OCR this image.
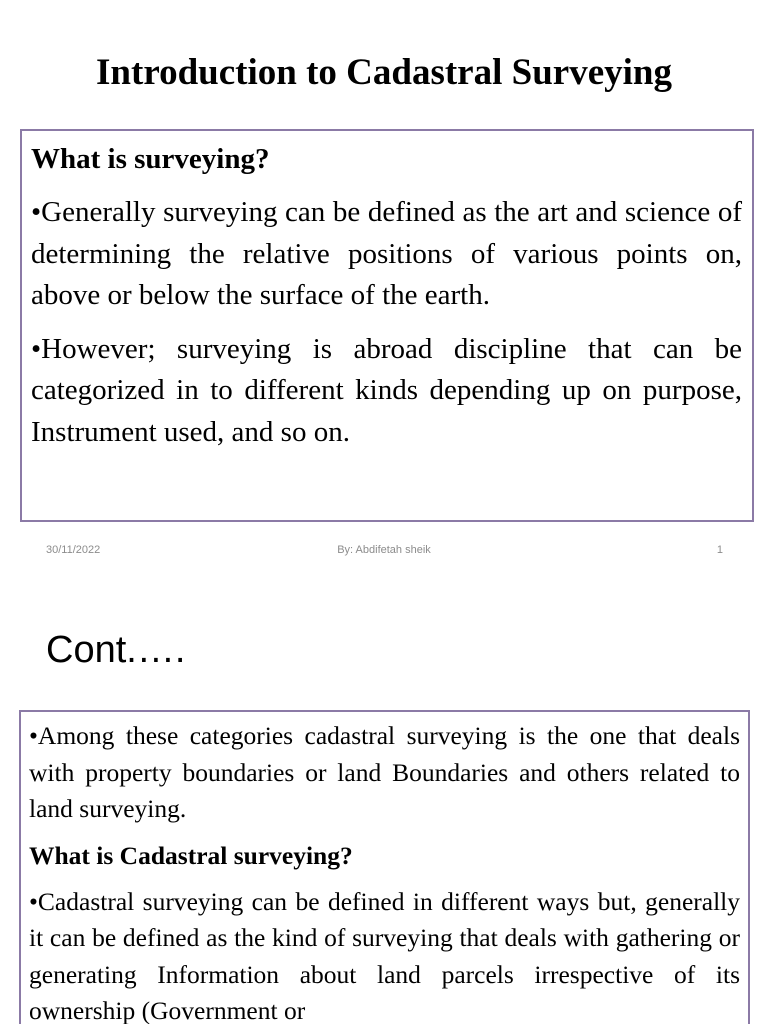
Introduction to Cadastral Surveying

What is surveying?

•Generally surveying can be defined as the art and science of determining the relative positions of various points on, above or below the surface of the earth.

•However; surveying is abroad discipline that can be categorized in to different kinds depending up on purpose, Instrument used, and so on.

30/11/2022	By: Abdifetah sheik	1
Cont.….

•Among these categories cadastral surveying is the one that deals with property boundaries or land Boundaries and others related to land surveying.

What is Cadastral surveying?

•Cadastral surveying can be defined in different ways but, generally it can be defined as the kind of surveying that deals with gathering or generating Information about land parcels irrespective of its ownership (Government or
